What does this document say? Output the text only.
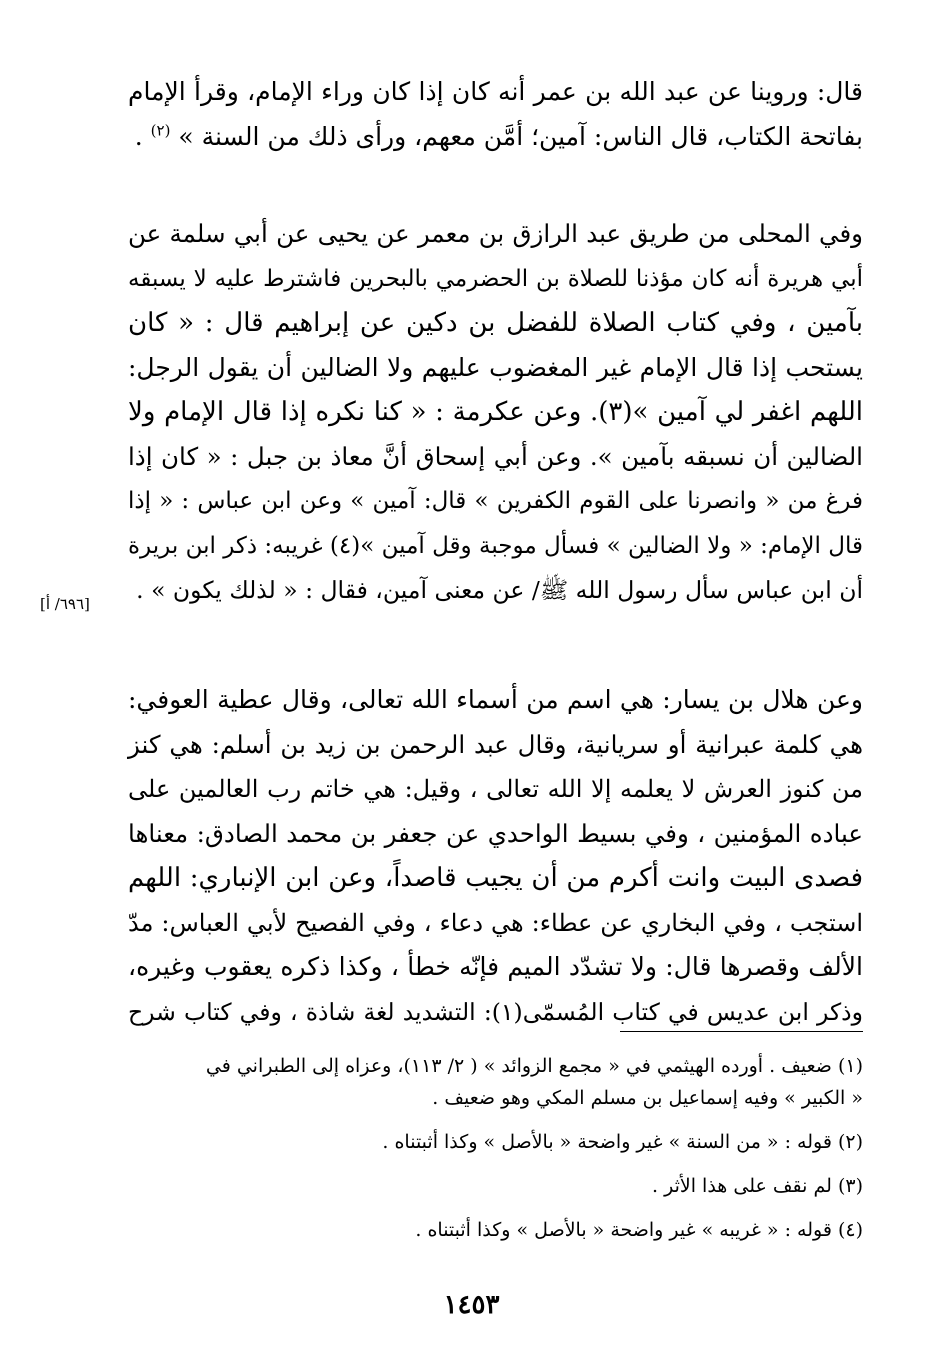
قال: وروينا عن عبد الله بن عمر أنه كان إذا كان وراء الإمام، وقرأ الإمام
بفاتحة الكتاب، قال الناس: آمين؛ أمَّن معهم، ورأى ذلك من السنة » $^{(٢)}$ .
وفي المحلى من طريق عبد الرازق بن معمر عن يحيى عن أبي سلمة عن
أبي هريرة أنه كان مؤذنا للصلاة بن الحضرمي بالبحرين فاشترط عليه لا يسبقه
بآمين ، وفي كتاب الصلاة للفضل بن دكين عن إبراهيم قال : « كان
يستحب إذا قال الإمام غير المغضوب عليهم ولا الضالين أن يقول الرجل:
اللهم اغفر لي آمين »(٣). وعن عكرمة : « كنا نكره إذا قال الإمام ولا
الضالين أن نسبقه بآمين ». وعن أبي إسحاق أنَّ معاذ بن جبل : « كان إذا
فرغ من « وانصرنا على القوم الكفرين » قال: آمين » وعن ابن عباس : « إذا
قال الإمام: « ولا الضالين » فسأل موجبة وقل آمين »(٤) غريبه: ذكر ابن بريرة
أن ابن عباس سأل رسول الله ﷺ/ عن معنى آمين، فقال : « لذلك يكون » .
[٦٩٦/ أ]
وعن هلال بن يسار: هي اسم من أسماء الله تعالى، وقال عطية العوفي:
هي كلمة عبرانية أو سريانية، وقال عبد الرحمن بن زيد بن أسلم: هي كنز
من كنوز العرش لا يعلمه إلا الله تعالى ، وقيل: هي خاتم رب العالمين على
عباده المؤمنين ، وفي بسيط الواحدي عن جعفر بن محمد الصادق: معناها
فصدى البيت وانت أكرم من أن يجيب قاصداً، وعن ابن الإنباري: اللهم
استجب ، وفي البخاري عن عطاء: هي دعاء ، وفي الفصيح لأبي العباس: مدّ
الألف وقصرها قال: ولا تشدّد الميم فإنّه خطأ ، وكذا ذكره يعقوب وغيره،
وذكر ابن عديس في كتاب المُسمّى(١): التشديد لغة شاذة ، وفي كتاب شرح
(١) ضعيف . أورده الهيثمي في « مجمع الزوائد » ( ٢/ ١١٣)، وعزاه إلى الطبراني في
« الكبير » وفيه إسماعيل بن مسلم المكي وهو ضعيف .
(٢) قوله : « من السنة » غير واضحة « بالأصل » وكذا أثبتناه .
(٣) لم نقف على هذا الأثر .
(٤) قوله : « غريبه » غير واضحة « بالأصل » وكذا أثبتناه .
١٤٥٣
